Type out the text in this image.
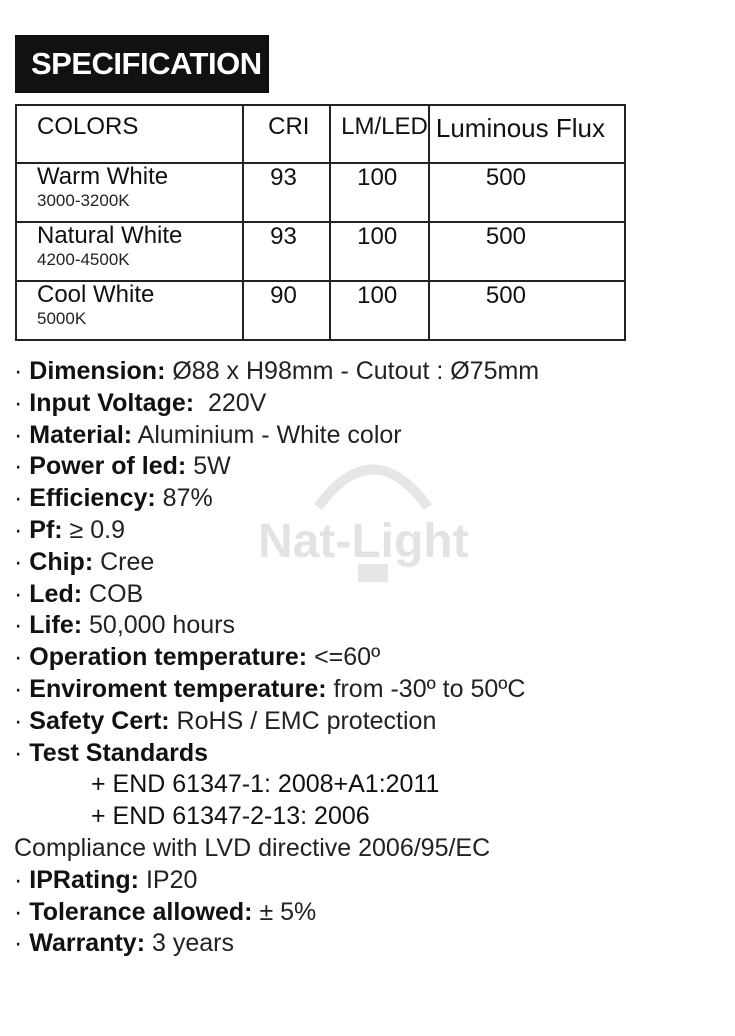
SPECIFICATION
COLORS	CRI	LM/LED	Luminous Flux

Warm White
3000-3200K	93	100	500

Natural White
4200-4500K	93	100	500

Cool White
5000K	90	100	500
Nat-Light
· Dimension: Ø88 x H98mm - Cutout : Ø75mm
· Input Voltage:  220V
· Material: Aluminium - White color
· Power of led: 5W
· Efficiency: 87%
· Pf: ≥ 0.9
· Chip: Cree
· Led: COB
· Life: 50,000 hours
· Operation temperature: <=60º
· Enviroment temperature: from -30º to 50ºC
· Safety Cert: RoHS / EMC protection
· Test Standards
+ END 61347-1: 2008+A1:2011
+ END 61347-2-13: 2006
Compliance with LVD directive 2006/95/EC
· IPRating: IP20
· Tolerance allowed: ± 5%
· Warranty: 3 years
